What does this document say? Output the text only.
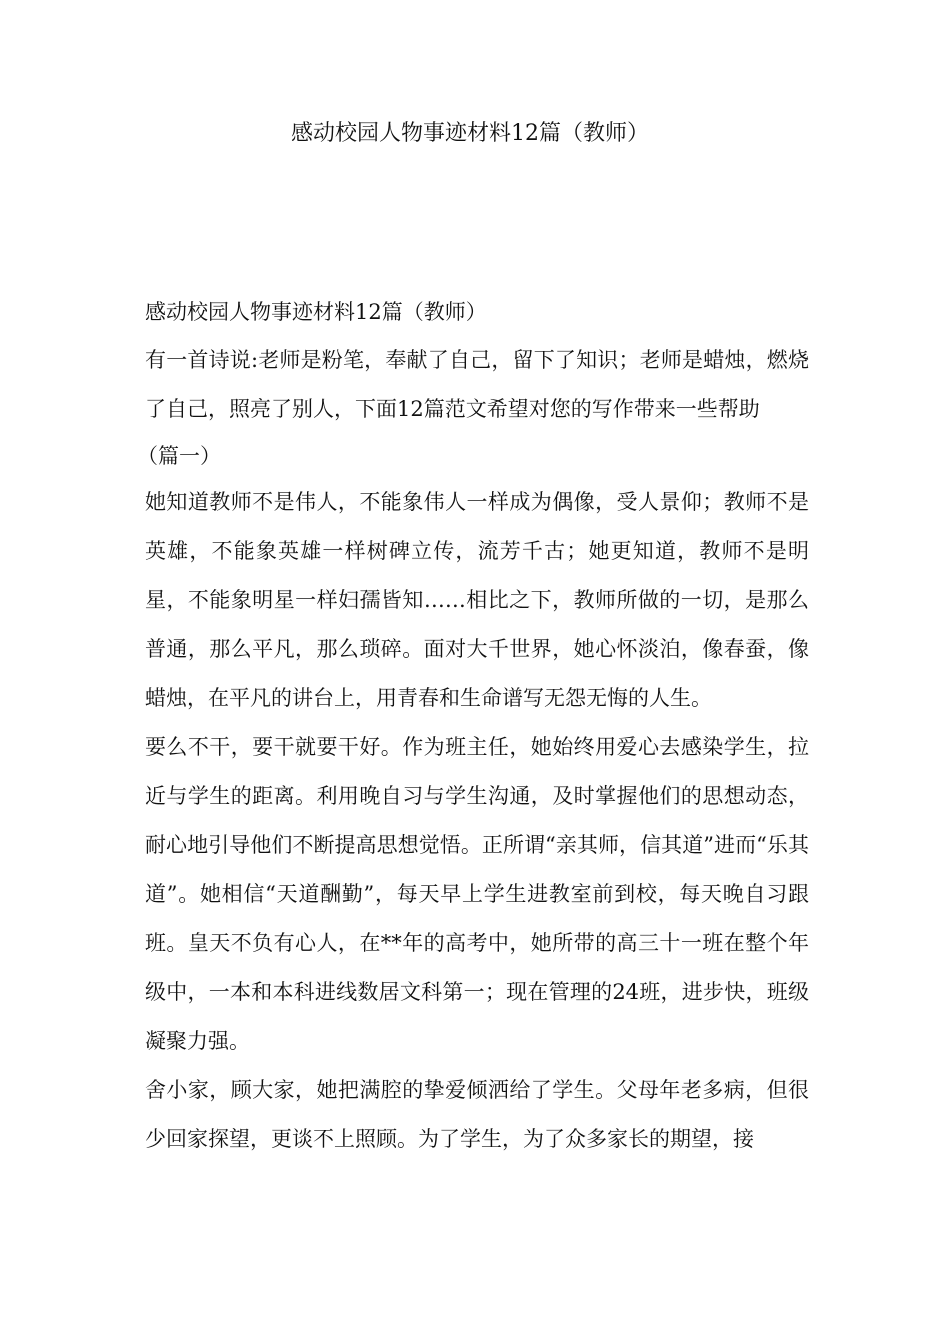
感动校园人物事迹材料12篇（教师）

感动校园人物事迹材料12篇（教师）

有一首诗说:老师是粉笔，奉献了自己，留下了知识；老师是蜡烛，燃烧了自己，照亮了别人，下面12篇范文希望对您的写作带来一些帮助

（篇一）

她知道教师不是伟人，不能象伟人一样成为偶像，受人景仰；教师不是英雄，不能象英雄一样树碑立传，流芳千古；她更知道，教师不是明星，不能象明星一样妇孺皆知……相比之下，教师所做的一切，是那么普通，那么平凡，那么琐碎。面对大千世界，她心怀淡泊，像春蚕，像蜡烛，在平凡的讲台上，用青春和生命谱写无怨无悔的人生。

要么不干，要干就要干好。作为班主任，她始终用爱心去感染学生，拉近与学生的距离。利用晚自习与学生沟通，及时掌握他们的思想动态，耐心地引导他们不断提高思想觉悟。正所谓“亲其师，信其道”进而“乐其道”。她相信“天道酬勤”，每天早上学生进教室前到校，每天晚自习跟班。皇天不负有心人，在**年的高考中，她所带的高三十一班在整个年级中，一本和本科进线数居文科第一；现在管理的24班，进步快，班级凝聚力强。

舍小家，顾大家，她把满腔的挚爱倾洒给了学生。父母年老多病，但很少回家探望，更谈不上照顾。为了学生，为了众多家长的期望，接
